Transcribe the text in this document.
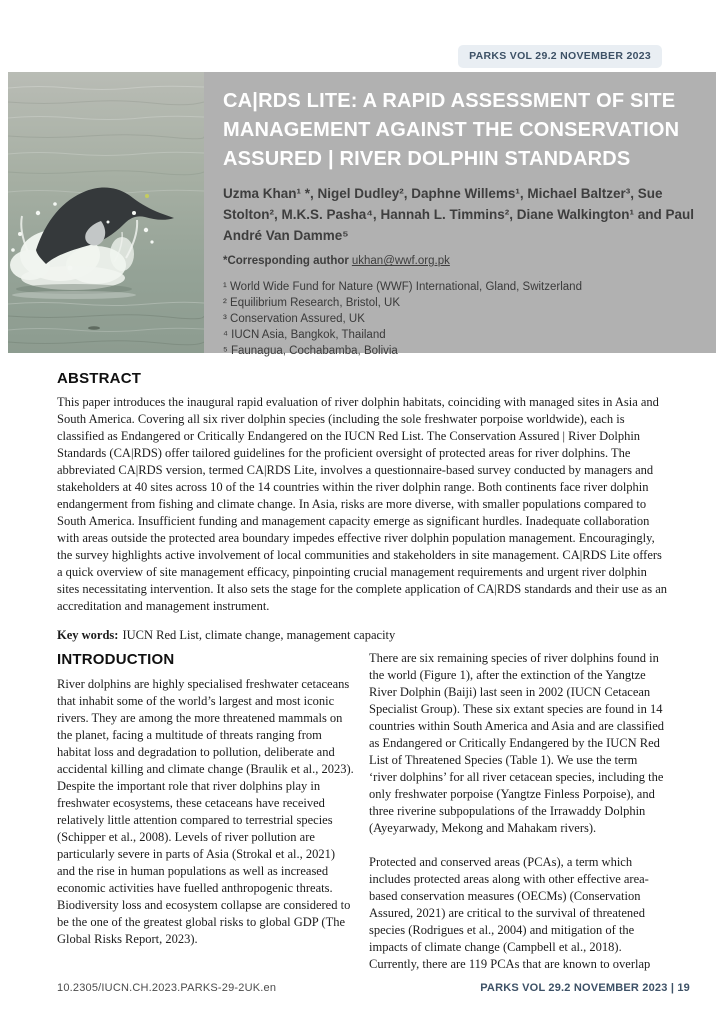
PARKS VOL 29.2 NOVEMBER 2023
CA|RDS LITE: A RAPID ASSESSMENT OF SITE MANAGEMENT AGAINST THE CONSERVATION ASSURED | RIVER DOLPHIN STANDARDS

Uzma Khan¹ *, Nigel Dudley², Daphne Willems¹, Michael Baltzer³, Sue Stolton², M.K.S. Pasha⁴, Hannah L. Timmins², Diane Walkington¹ and Paul André Van Damme⁵

*Corresponding author ukhan@wwf.org.pk

¹ World Wide Fund for Nature (WWF) International, Gland, Switzerland
² Equilibrium Research, Bristol, UK
³ Conservation Assured, UK
⁴ IUCN Asia, Bangkok, Thailand
⁵ Faunagua, Cochabamba, Bolivia
ABSTRACT

This paper introduces the inaugural rapid evaluation of river dolphin habitats, coinciding with managed sites in Asia and South America. Covering all six river dolphin species (including the sole freshwater porpoise worldwide), each is classified as Endangered or Critically Endangered on the IUCN Red List. The Conservation Assured | River Dolphin Standards (CA|RDS) offer tailored guidelines for the proficient oversight of protected areas for river dolphins. The abbreviated CA|RDS version, termed CA|RDS Lite, involves a questionnaire-based survey conducted by managers and stakeholders at 40 sites across 10 of the 14 countries within the river dolphin range. Both continents face river dolphin endangerment from fishing and climate change. In Asia, risks are more diverse, with smaller populations compared to South America. Insufficient funding and management capacity emerge as significant hurdles. Inadequate collaboration with areas outside the protected area boundary impedes effective river dolphin population management. Encouragingly, the survey highlights active involvement of local communities and stakeholders in site management. CA|RDS Lite offers a quick overview of site management efficacy, pinpointing crucial management requirements and urgent river dolphin sites necessitating intervention. It also sets the stage for the complete application of CA|RDS standards and their use as an accreditation and management instrument.

Key words: IUCN Red List, climate change, management capacity

INTRODUCTION

River dolphins are highly specialised freshwater cetaceans that inhabit some of the world’s largest and most iconic rivers. They are among the more threatened mammals on the planet, facing a multitude of threats ranging from habitat loss and degradation to pollution, deliberate and accidental killing and climate change (Braulik et al., 2023). Despite the important role that river dolphins play in freshwater ecosystems, these cetaceans have received relatively little attention compared to terrestrial species (Schipper et al., 2008). Levels of river pollution are particularly severe in parts of Asia (Strokal et al., 2021) and the rise in human populations as well as increased economic activities have fuelled anthropogenic threats. Biodiversity loss and ecosystem collapse are considered to be the one of the greatest global risks to global GDP (The Global Risks Report, 2023).

There are six remaining species of river dolphins found in the world (Figure 1), after the extinction of the Yangtze River Dolphin (Baiji) last seen in 2002 (IUCN Cetacean Specialist Group). These six extant species are found in 14 countries within South America and Asia and are classified as Endangered or Critically Endangered by the IUCN Red List of Threatened Species (Table 1). We use the term ‘river dolphins’ for all river cetacean species, including the only freshwater porpoise (Yangtze Finless Porpoise), and three riverine subpopulations of the Irrawaddy Dolphin (Ayeyarwady, Mekong and Mahakam rivers).

Protected and conserved areas (PCAs), a term which includes protected areas along with other effective area-based conservation measures (OECMs) (Conservation Assured, 2021) are critical to the survival of threatened species (Rodrigues et al., 2004) and mitigation of the impacts of climate change (Campbell et al., 2018). Currently, there are 119 PCAs that are known to overlap

10.2305/IUCN.CH.2023.PARKS-29-2UK.en	PARKS VOL 29.2 NOVEMBER 2023 | 19
